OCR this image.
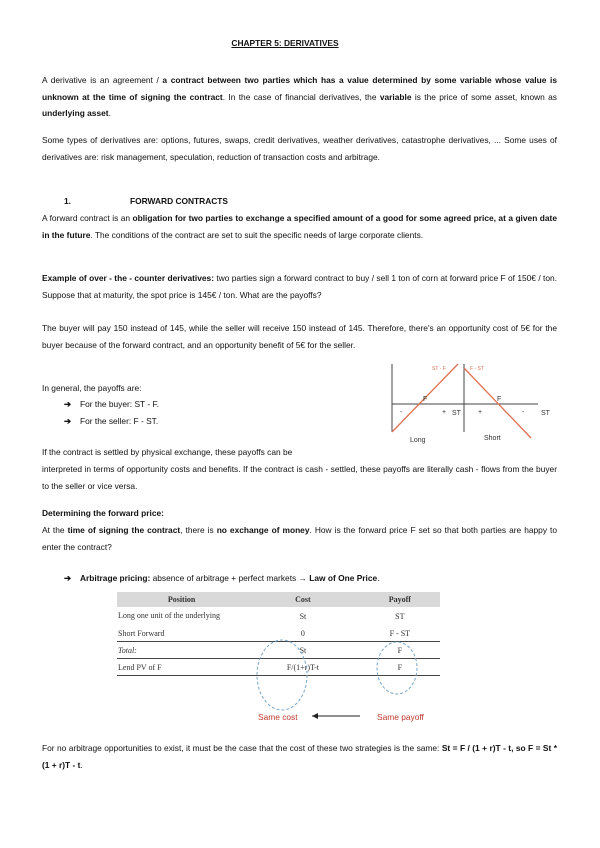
CHAPTER 5: DERIVATIVES
A derivative is an agreement / a contract between two parties which has a value determined by some variable whose value is unknown at the time of signing the contract. In the case of financial derivatives, the variable is the price of some asset, known as underlying asset.
Some types of derivatives are: options, futures, swaps, credit derivatives, weather derivatives, catastrophe derivatives, ... Some uses of derivatives are: risk management, speculation, reduction of transaction costs and arbitrage.
1.	FORWARD CONTRACTS
A forward contract is an obligation for two parties to exchange a specified amount of a good for some agreed price, at a given date in the future. The conditions of the contract are set to suit the specific needs of large corporate clients.
Example of over - the - counter derivatives: two parties sign a forward contract to buy / sell 1 ton of corn at forward price F of 150€ / ton. Suppose that at maturity, the spot price is 145€ / ton. What are the payoffs?
The buyer will pay 150 instead of 145, while the seller will receive 150 instead of 145. Therefore, there's an opportunity cost of 5€ for the buyer because of the forward contract, and an opportunity benefit of 5€ for the seller.
In general, the payoffs are:
➔ For the buyer: ST - F.
➔ For the seller: F - ST.
ST - F	F - ST
F	F
-	+ ST +	- ST
Long	Short
If the contract is settled by physical exchange, these payoffs can be
interpreted in terms of opportunity costs and benefits. If the contract is cash - settled, these payoffs are literally cash - flows from the buyer to the seller or vice versa.
Determining the forward price:
At the time of signing the contract, there is no exchange of money. How is the forward price F set so that both parties are happy to enter the contract?
➔ Arbitrage pricing: absence of arbitrage + perfect markets → Law of One Price.
Position	Cost	Payoff
Long one unit of the underlying	St	ST
Short Forward	0	F - ST
Total:	St	F
Lend PV of F	F/(1+r)T-t	F
Same cost	Same payoff
For no arbitrage opportunities to exist, it must be the case that the cost of these two strategies is the same: St = F / (1 + r)T - t, so F = St * (1 + r)T - t.
